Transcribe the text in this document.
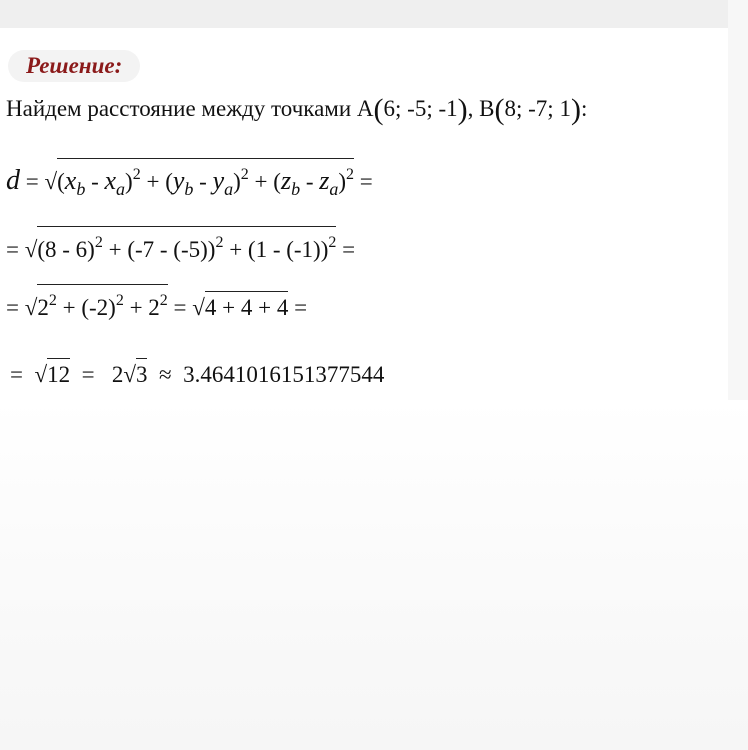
Решение:
Найдем расстояние между точками A(6; -5; -1), B(8; -7; 1):
$d = √(x_b - x_a)^2 + (y_b - y_a)^2 + (z_b - z_a)^2$ =
= √(8 - 6)$^2$ + (-7 - (-5))$^2$ + (1 - (-1))$^2$ =
= $√2^2 + (-2)^2 + 2^2 = √4 + 4 + 4$ =
=  √12  =   2√3 ≈ 3.4641016151377544
